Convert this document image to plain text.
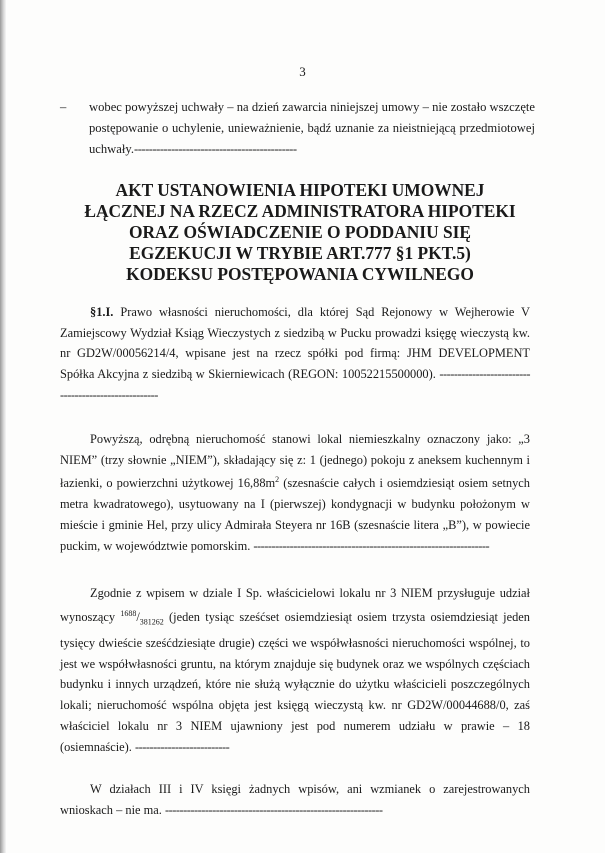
3
– wobec powyższej uchwały – na dzień zawarcia niniejszej umowy – nie zostało wszczęte postępowanie o uchylenie, unieważnienie, bądź uznanie za nieistniejącą przedmiotowej uchwały.--------------------------------------------
AKT USTANOWIENIA HIPOTEKI UMOWNEJ
ŁĄCZNEJ NA RZECZ ADMINISTRATORA HIPOTEKI
ORAZ OŚWIADCZENIE O PODDANIU SIĘ
EGZEKUCJI W TRYBIE ART.777 §1 PKT.5)
KODEKSU POSTĘPOWANIA CYWILNEGO
§1.I. Prawo własności nieruchomości, dla której Sąd Rejonowy w Wejherowie V Zamiejscowy Wydział Ksiąg Wieczystych z siedzibą w Pucku prowadzi księgę wieczystą kw. nr GD2W/00056214/4, wpisane jest na rzecz spółki pod firmą: JHM DEVELOPMENT Spółka Akcyjna z siedzibą w Skierniewicach (REGON: 10052215500000). ----------------------------------------------------
Powyższą, odrębną nieruchomość stanowi lokal niemieszkalny oznaczony jako: „3 NIEM” (trzy słownie „NIEM”), składający się z: 1 (jednego) pokoju z aneksem kuchennym i łazienki, o powierzchni użytkowej $16,88m^2$ (szesnaście całych i osiemdziesiąt osiem setnych metra kwadratowego), usytuowany na I (pierwszej) kondygnacji w budynku położonym w mieście i gminie Hel, przy ulicy Admirała Steyera nr 16B (szesnaście litera „B”), w powiecie puckim, w województwie pomorskim. -----------------------------------------------------------------
Zgodnie z wpisem w dziale I Sp. właścicielowi lokalu nr 3 NIEM przysługuje udział wynoszący $^{1688}/_{381262}$ (jeden tysiąc sześćset osiemdziesiąt osiem trzysta osiemdziesiąt jeden tysięcy dwieście sześćdziesiąte drugie) części we współwłasności nieruchomości wspólnej, to jest we współwłasności gruntu, na którym znajduje się budynek oraz we wspólnych częściach budynku i innych urządzeń, które nie służą wyłącznie do użytku właścicieli poszczególnych lokali; nieruchomość wspólna objęta jest księgą wieczystą kw. nr GD2W/00044688/0, zaś właściciel lokalu nr 3 NIEM ujawniony jest pod numerem udziału w prawie – 18 (osiemnaście). --------------------------
W działach III i IV księgi żadnych wpisów, ani wzmianek o zarejestrowanych wnioskach – nie ma. ------------------------------------------------------------
